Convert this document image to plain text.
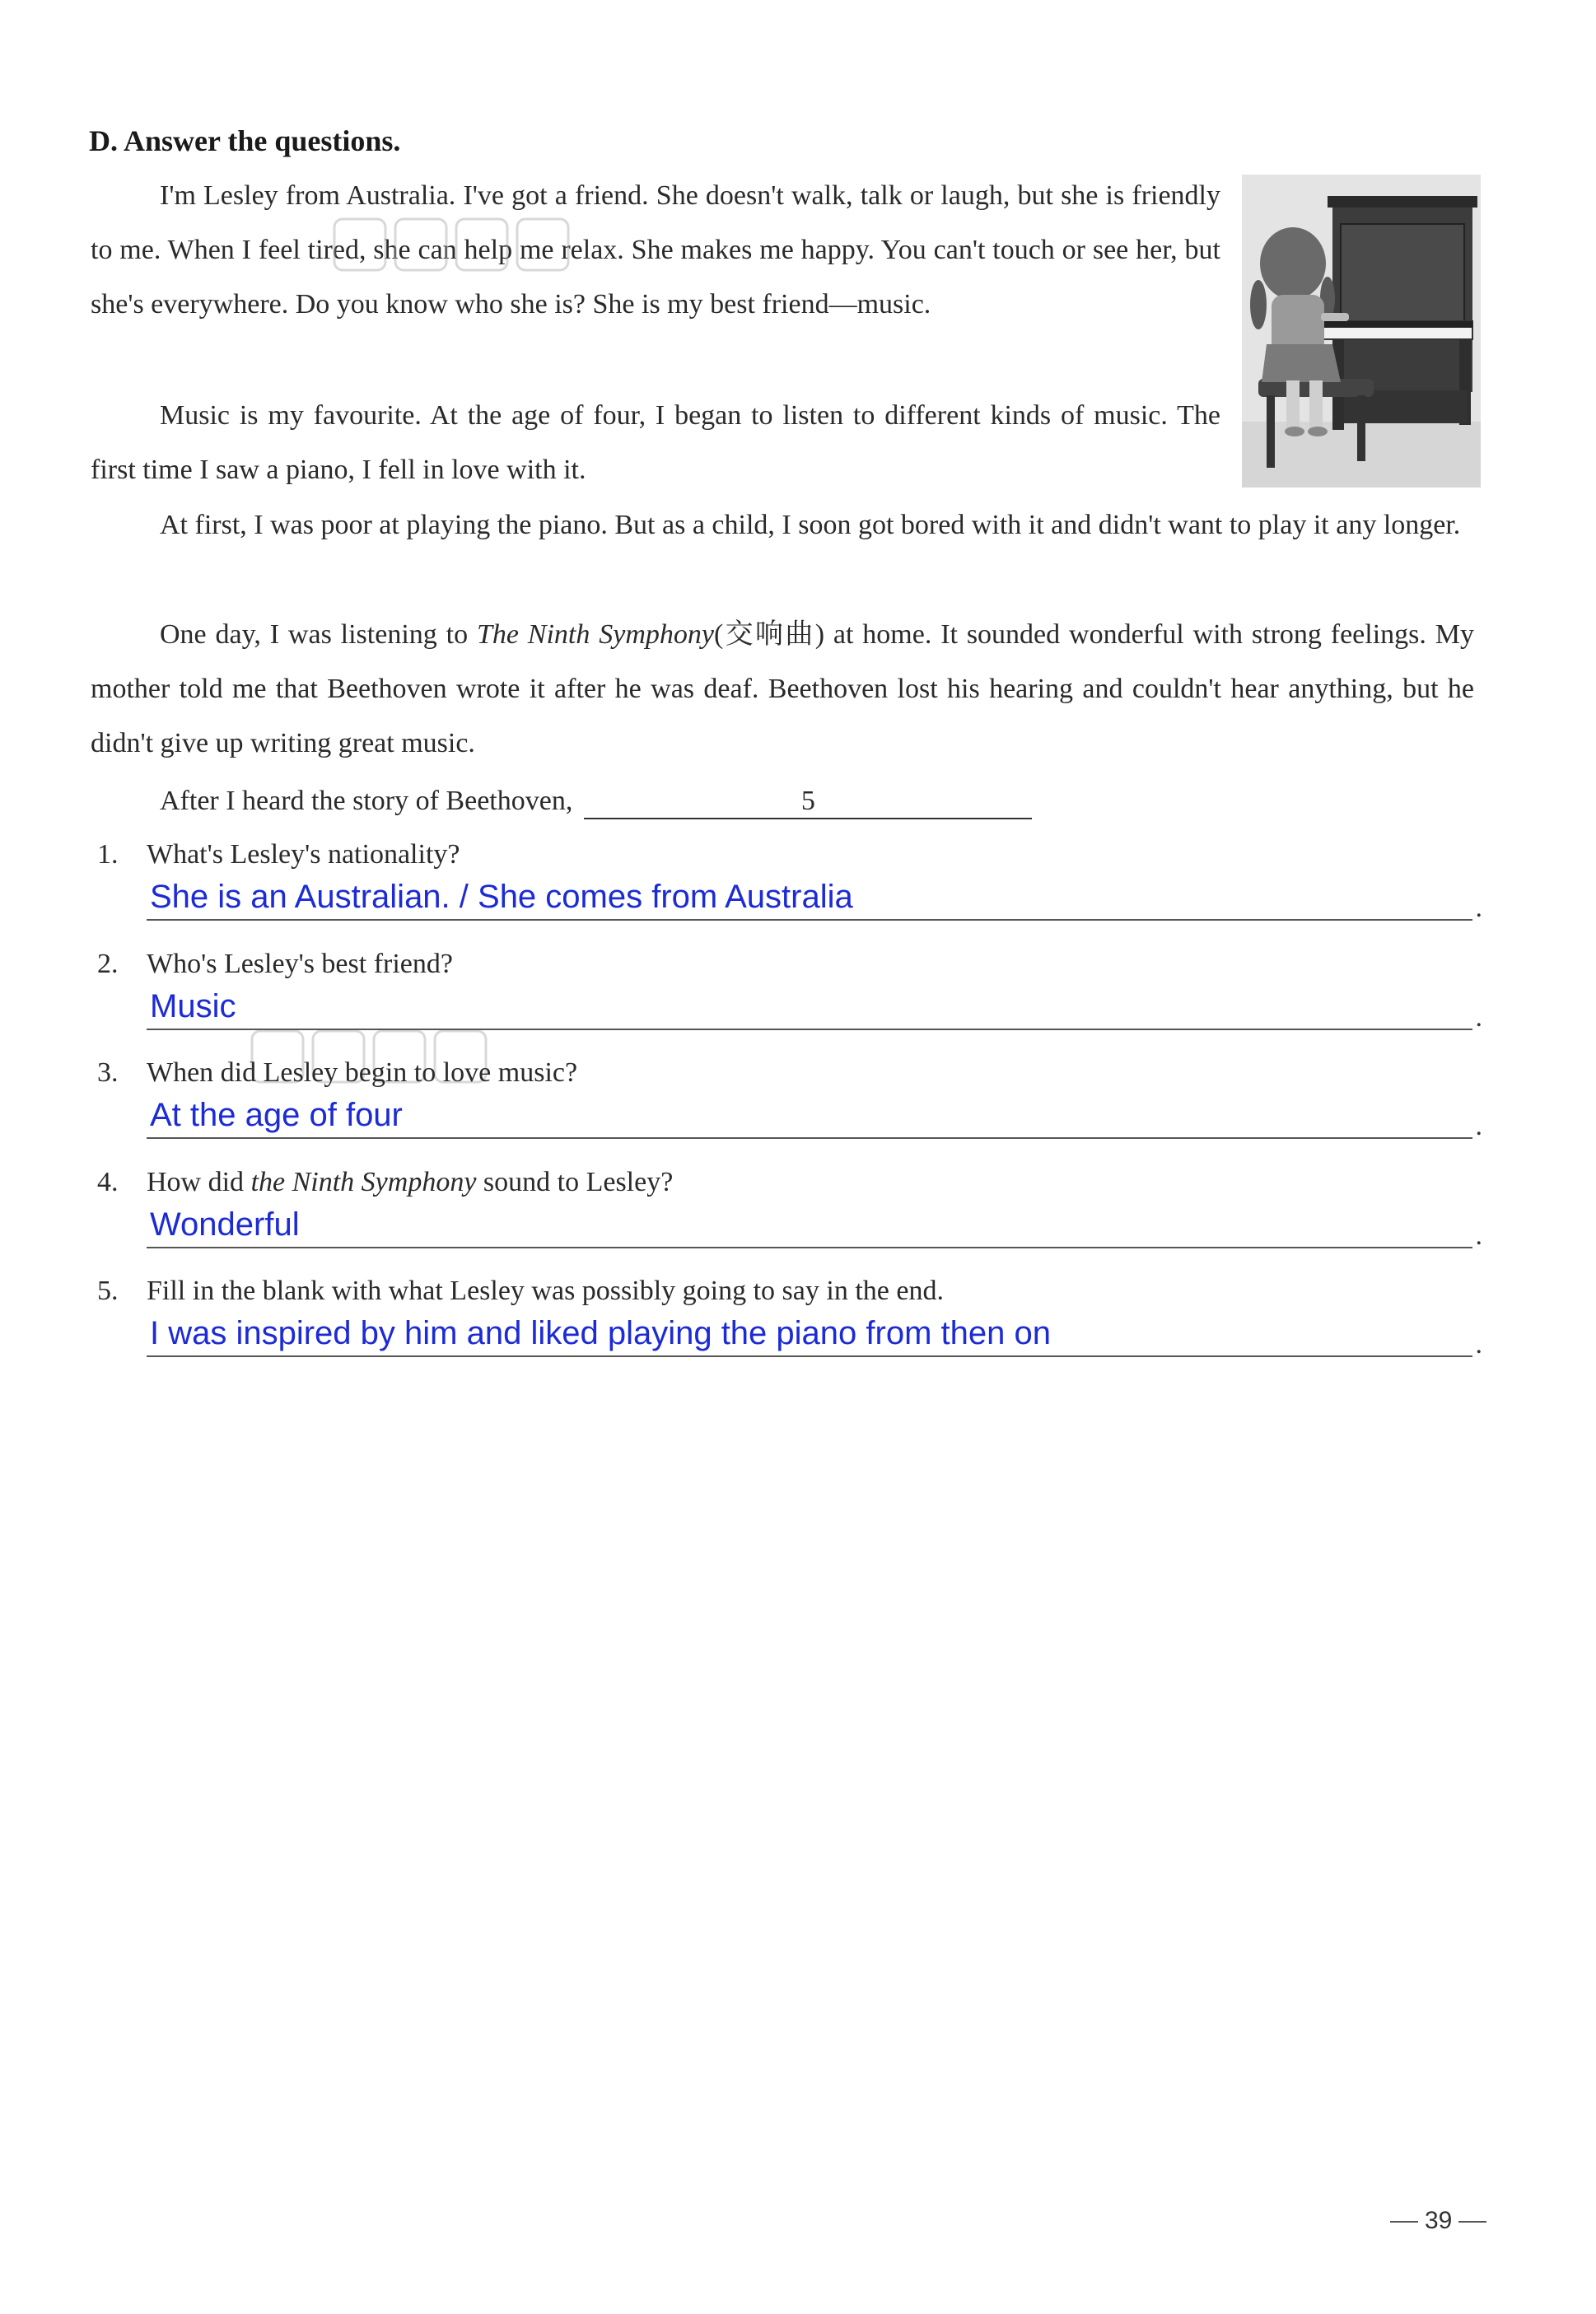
D. Answer the questions.

I'm Lesley from Australia. I've got a friend. She doesn't walk, talk or laugh, but she is friendly to me. When I feel tired, she can help me relax. She makes me happy. You can't touch or see her, but she's everywhere. Do you know who she is? She is my best friend—music.

Music is my favourite. At the age of four, I began to listen to different kinds of music. The first time I saw a piano, I fell in love with it.

At first, I was poor at playing the piano. But as a child, I soon got bored with it and didn't want to play it any longer.

One day, I was listening to The Ninth Symphony(交响曲) at home. It sounded wonderful with strong feelings. My mother told me that Beethoven wrote it after he was deaf. Beethoven lost his hearing and couldn't hear anything, but he didn't give up writing great music.

After I heard the story of Beethoven,	5
1. What's Lesley's nationality?
She is an Australian. / She comes from Australia	.
2. Who's Lesley's best friend?
Music	.
3. When did Lesley begin to love music?
At the age of four	.
4. How did the Ninth Symphony sound to Lesley?
Wonderful	.
5. Fill in the blank with what Lesley was possibly going to say in the end.
I was inspired by him and liked playing the piano from then on	.
39
